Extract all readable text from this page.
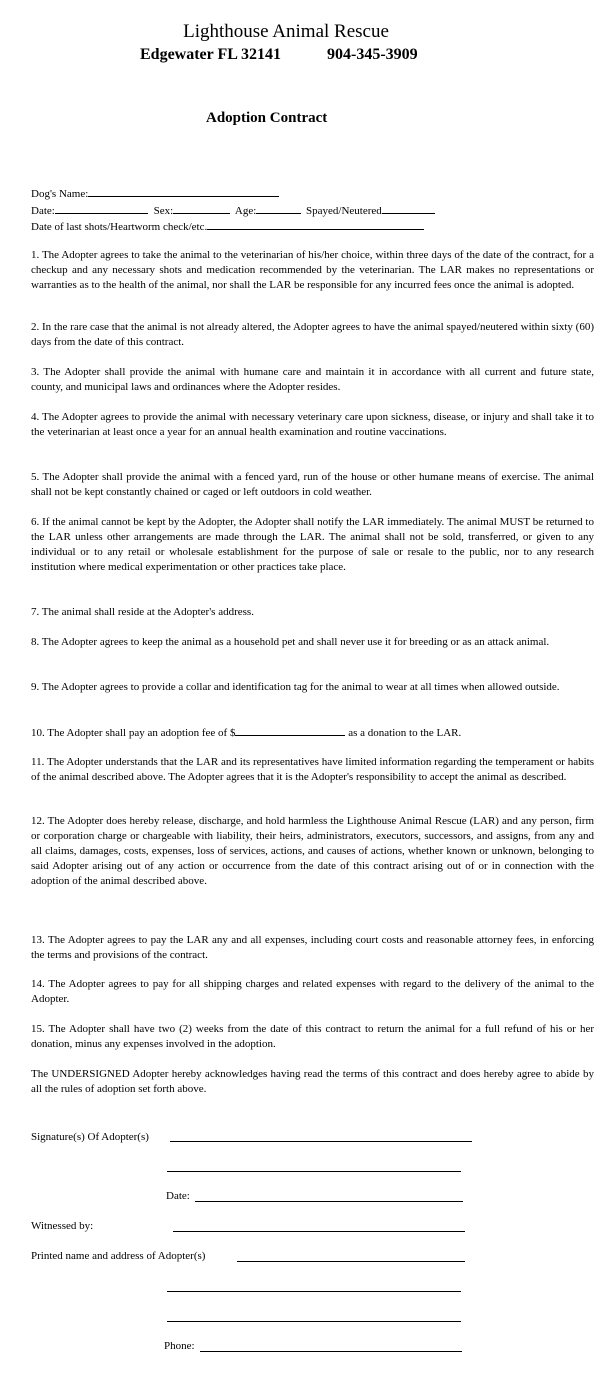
Lighthouse Animal Rescue
Edgewater FL 32141	904-345-3909
Adoption Contract
Dog's Name:
Date:	Sex:	Age:	Spayed/Neutered
Date of last shots/Heartworm check/etc.
1. The Adopter agrees to take the animal to the veterinarian of his/her choice, within three days of the date of the contract, for a checkup and any necessary shots and medication recommended by the veterinarian. The LAR makes no representations or warranties as to the health of the animal, nor shall the LAR be responsible for any incurred fees once the animal is adopted.
2. In the rare case that the animal is not already altered, the Adopter agrees to have the animal spayed/neutered within sixty (60) days from the date of this contract.
3. The Adopter shall provide the animal with humane care and maintain it in accordance with all current and future state, county, and municipal laws and ordinances where the Adopter resides.
4. The Adopter agrees to provide the animal with necessary veterinary care upon sickness, disease, or injury and shall take it to the veterinarian at least once a year for an annual health examination and routine vaccinations.
5. The Adopter shall provide the animal with a fenced yard, run of the house or other humane means of exercise. The animal shall not be kept constantly chained or caged or left outdoors in cold weather.
6. If the animal cannot be kept by the Adopter, the Adopter shall notify the LAR immediately. The animal MUST be returned to the LAR unless other arrangements are made through the LAR. The animal shall not be sold, transferred, or given to any individual or to any retail or wholesale establishment for the purpose of sale or resale to the public, nor to any research institution where medical experimentation or other practices take place.
7. The animal shall reside at the Adopter's address.
8. The Adopter agrees to keep the animal as a household pet and shall never use it for breeding or as an attack animal.
9. The Adopter agrees to provide a collar and identification tag for the animal to wear at all times when allowed outside.
10. The Adopter shall pay an adoption fee of $	as a donation to the LAR.
11. The Adopter understands that the LAR and its representatives have limited information regarding the temperament or habits of the animal described above. The Adopter agrees that it is the Adopter's responsibility to accept the animal as described.
12. The Adopter does hereby release, discharge, and hold harmless the Lighthouse Animal Rescue (LAR) and any person, firm or corporation charge or chargeable with liability, their heirs, administrators, executors, successors, and assigns, from any and all claims, damages, costs, expenses, loss of services, actions, and causes of actions, whether known or unknown, belonging to said Adopter arising out of any action or occurrence from the date of this contract arising out of or in connection with the adoption of the animal described above.
13. The Adopter agrees to pay the LAR any and all expenses, including court costs and reasonable attorney fees, in enforcing the terms and provisions of the contract.
14. The Adopter agrees to pay for all shipping charges and related expenses with regard to the delivery of the animal to the Adopter.
15. The Adopter shall have two (2) weeks from the date of this contract to return the animal for a full refund of his or her donation, minus any expenses involved in the adoption.
The UNDERSIGNED Adopter hereby acknowledges having read the terms of this contract and does hereby agree to abide by all the rules of adoption set forth above.
Signature(s) Of Adopter(s)
Date:
Witnessed by:
Printed name and address of Adopter(s)
Phone:
